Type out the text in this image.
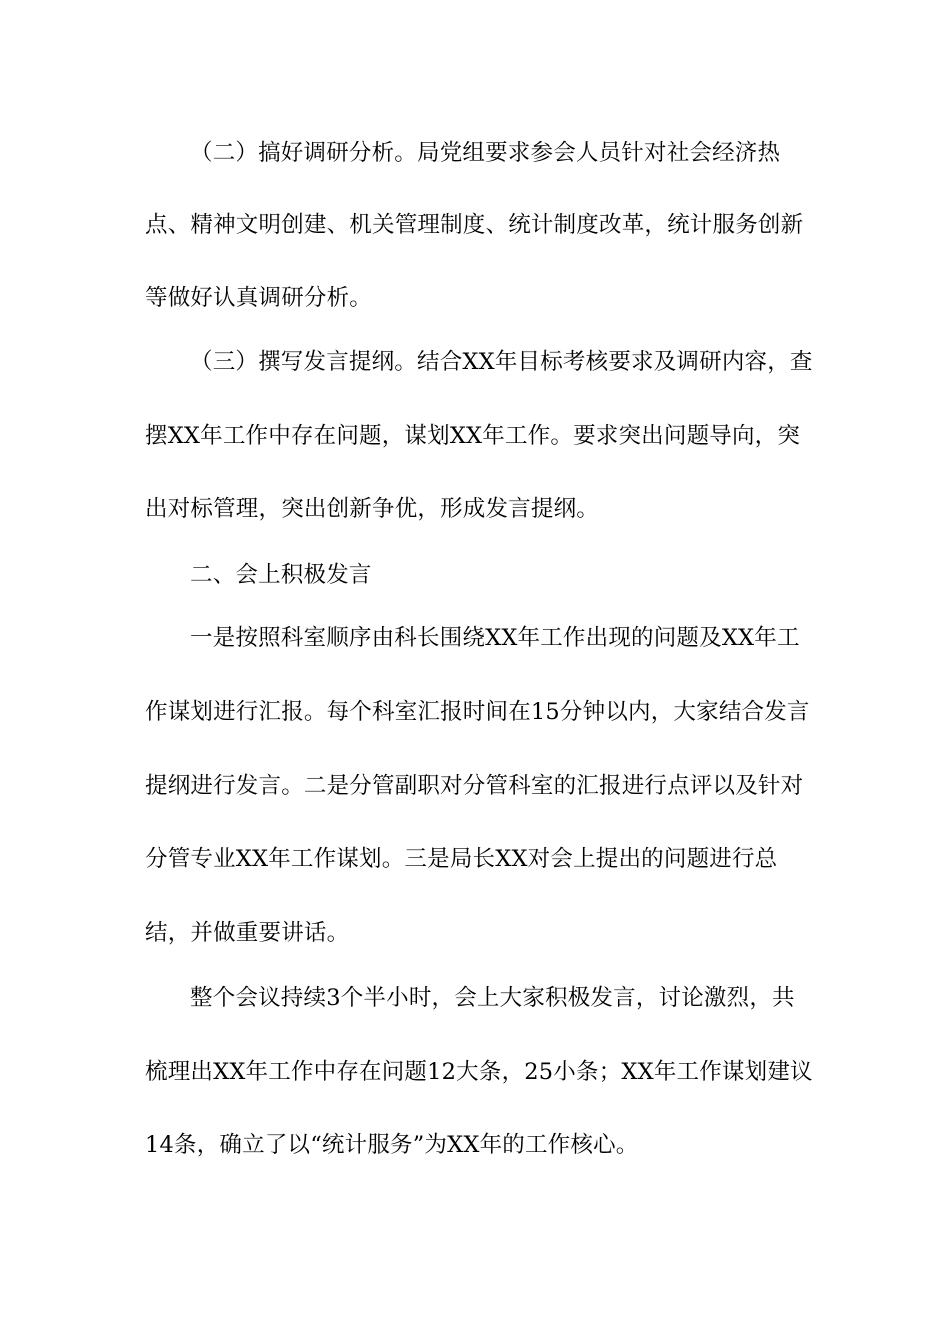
（二）搞好调研分析。局党组要求参会人员针对社会经济热
点、精神文明创建、机关管理制度、统计制度改革，统计服务创新
等做好认真调研分析。
（三）撰写发言提纲。结合XX年目标考核要求及调研内容，查
摆XX年工作中存在问题，谋划XX年工作。要求突出问题导向，突
出对标管理，突出创新争优，形成发言提纲。
二、会上积极发言
一是按照科室顺序由科长围绕XX年工作出现的问题及XX年工
作谋划进行汇报。每个科室汇报时间在15分钟以内，大家结合发言
提纲进行发言。二是分管副职对分管科室的汇报进行点评以及针对
分管专业XX年工作谋划。三是局长XX对会上提出的问题进行总
结，并做重要讲话。
整个会议持续3个半小时，会上大家积极发言，讨论激烈，共
梳理出XX年工作中存在问题12大条，25小条；XX年工作谋划建议
14条，确立了以“统计服务”为XX年的工作核心。
